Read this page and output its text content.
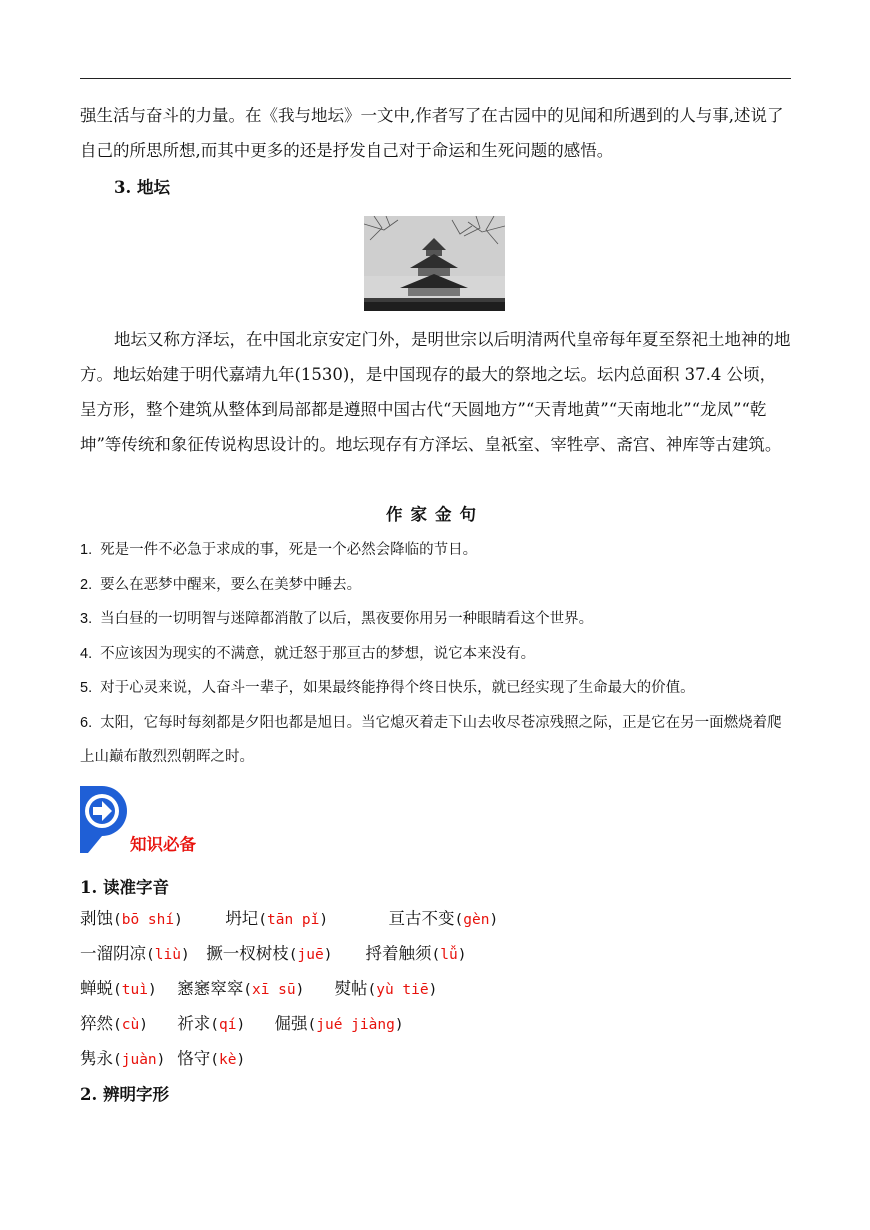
强生活与奋斗的力量。在《我与地坛》一文中,作者写了在古园中的见闻和所遇到的人与事,述说了自己的所思所想,而其中更多的还是抒发自己对于命运和生死问题的感悟。

3. 地坛

地坛又称方泽坛，在中国北京安定门外，是明世宗以后明清两代皇帝每年夏至祭祀土地神的地方。地坛始建于明代嘉靖九年(1530)，是中国现存的最大的祭地之坛。坛内总面积 37.4 公顷，呈方形，整个建筑从整体到局部都是遵照中国古代“天圆地方”“天青地黄”“天南地北”“龙凤”“乾坤”等传统和象征传说构思设计的。地坛现存有方泽坛、皇祇室、宰牲亭、斋宫、神库等古建筑。

作家金句

1. 死是一件不必急于求成的事，死是一个必然会降临的节日。
2. 要么在恶梦中醒来，要么在美梦中睡去。
3. 当白昼的一切明智与迷障都消散了以后，黑夜要你用另一种眼睛看这个世界。
4. 不应该因为现实的不满意，就迁怒于那亘古的梦想，说它本来没有。
5. 对于心灵来说，人奋斗一辈子，如果最终能挣得个终日快乐，就已经实现了生命最大的价值。
6. 太阳，它每时每刻都是夕阳也都是旭日。当它熄灭着走下山去收尽苍凉残照之际，正是它在另一面燃烧着爬上山巅布散烈烈朝晖之时。
知识必备

1. 读准字音

剥蚀(bō shí)	坍圮(tān pǐ)	亘古不变(gèn)
一溜阴凉(liù) 撅一杈树枝(juē) 捋着触须(lǚ)
蝉蜕(tuì) 窸窸窣窣(xī sū) 熨帖(yù tiē)
猝然(cù) 祈求(qí) 倔强(jué jiàng)
隽永(juàn) 恪守(kè)

2. 辨明字形
